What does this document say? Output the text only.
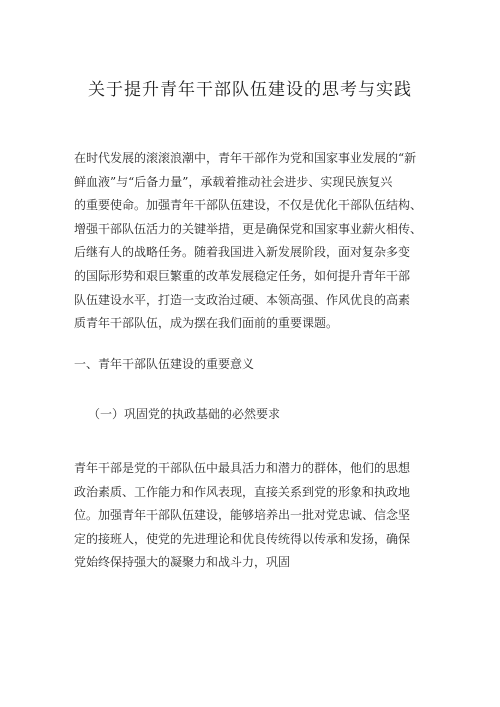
关于提升青年干部队伍建设的思考与实践

在时代发展的滚滚浪潮中，青年干部作为党和国家事业发展的“新
鲜血液”与“后备力量”，承载着推动社会进步、实现民族复兴
的重要使命。加强青年干部队伍建设，不仅是优化干部队伍结构、
增强干部队伍活力的关键举措，更是确保党和国家事业薪火相传、
后继有人的战略任务。随着我国进入新发展阶段，面对复杂多变
的国际形势和艰巨繁重的改革发展稳定任务，如何提升青年干部
队伍建设水平，打造一支政治过硬、本领高强、作风优良的高素
质青年干部队伍，成为摆在我们面前的重要课题。

一、青年干部队伍建设的重要意义
（一）巩固党的执政基础的必然要求

青年干部是党的干部队伍中最具活力和潜力的群体，他们的思想
政治素质、工作能力和作风表现，直接关系到党的形象和执政地
位。加强青年干部队伍建设，能够培养出一批对党忠诚、信念坚
定的接班人，使党的先进理论和优良传统得以传承和发扬，确保
党始终保持强大的凝聚力和战斗力，巩固
